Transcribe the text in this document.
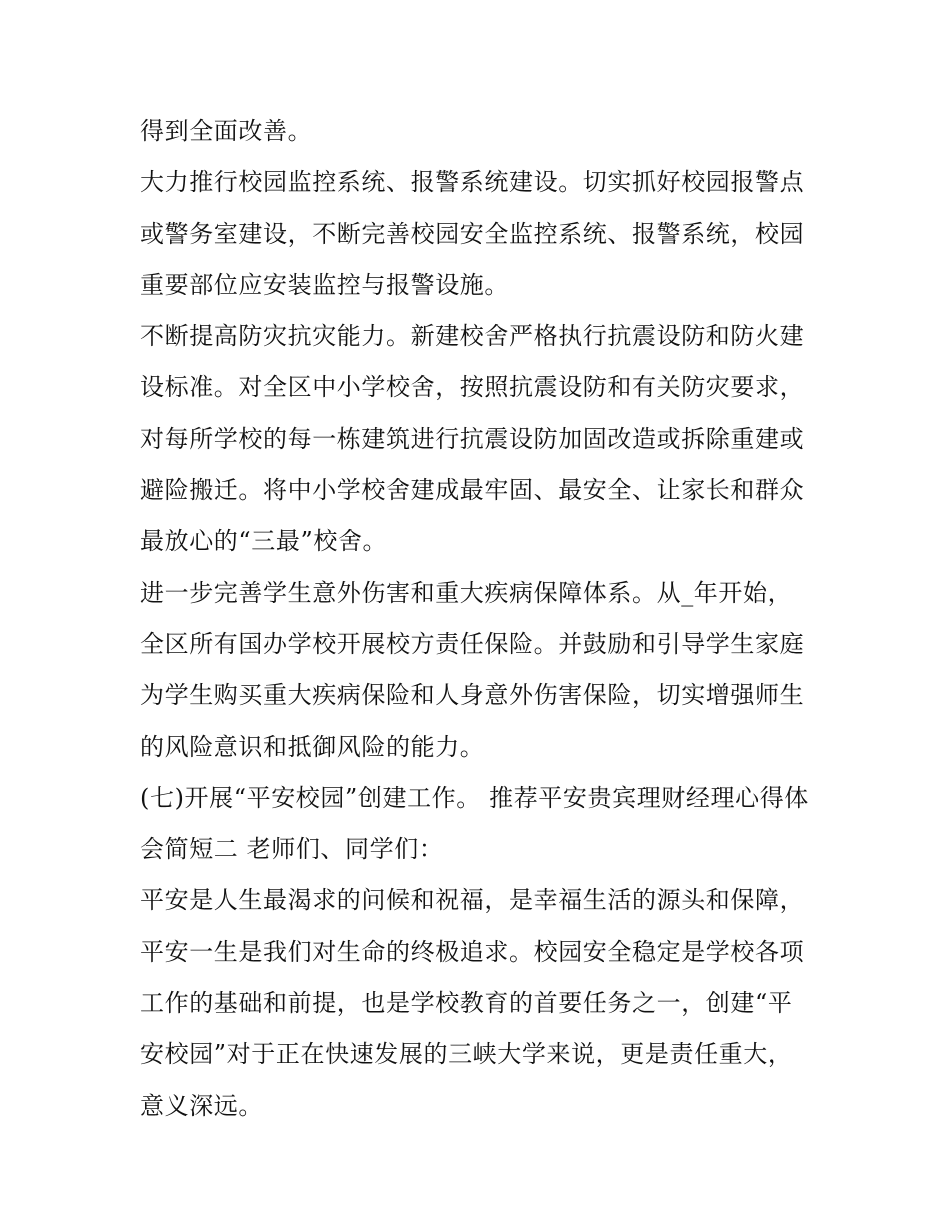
得到全面改善。
大力推行校园监控系统、报警系统建设。切实抓好校园报警点
或警务室建设，不断完善校园安全监控系统、报警系统，校园
重要部位应安装监控与报警设施。
不断提高防灾抗灾能力。新建校舍严格执行抗震设防和防火建
设标准。对全区中小学校舍，按照抗震设防和有关防灾要求，
对每所学校的每一栋建筑进行抗震设防加固改造或拆除重建或
避险搬迁。将中小学校舍建成最牢固、最安全、让家长和群众
最放心的“三最”校舍。
进一步完善学生意外伤害和重大疾病保障体系。从_年开始，
全区所有国办学校开展校方责任保险。并鼓励和引导学生家庭
为学生购买重大疾病保险和人身意外伤害保险，切实增强师生
的风险意识和抵御风险的能力。
(七)开展“平安校园”创建工作。 推荐平安贵宾理财经理心得体
会简短二 老师们、同学们：
平安是人生最渴求的问候和祝福，是幸福生活的源头和保障，
平安一生是我们对生命的终极追求。校园安全稳定是学校各项
工作的基础和前提，也是学校教育的首要任务之一，创建“平
安校园”对于正在快速发展的三峡大学来说，更是责任重大，
意义深远。
